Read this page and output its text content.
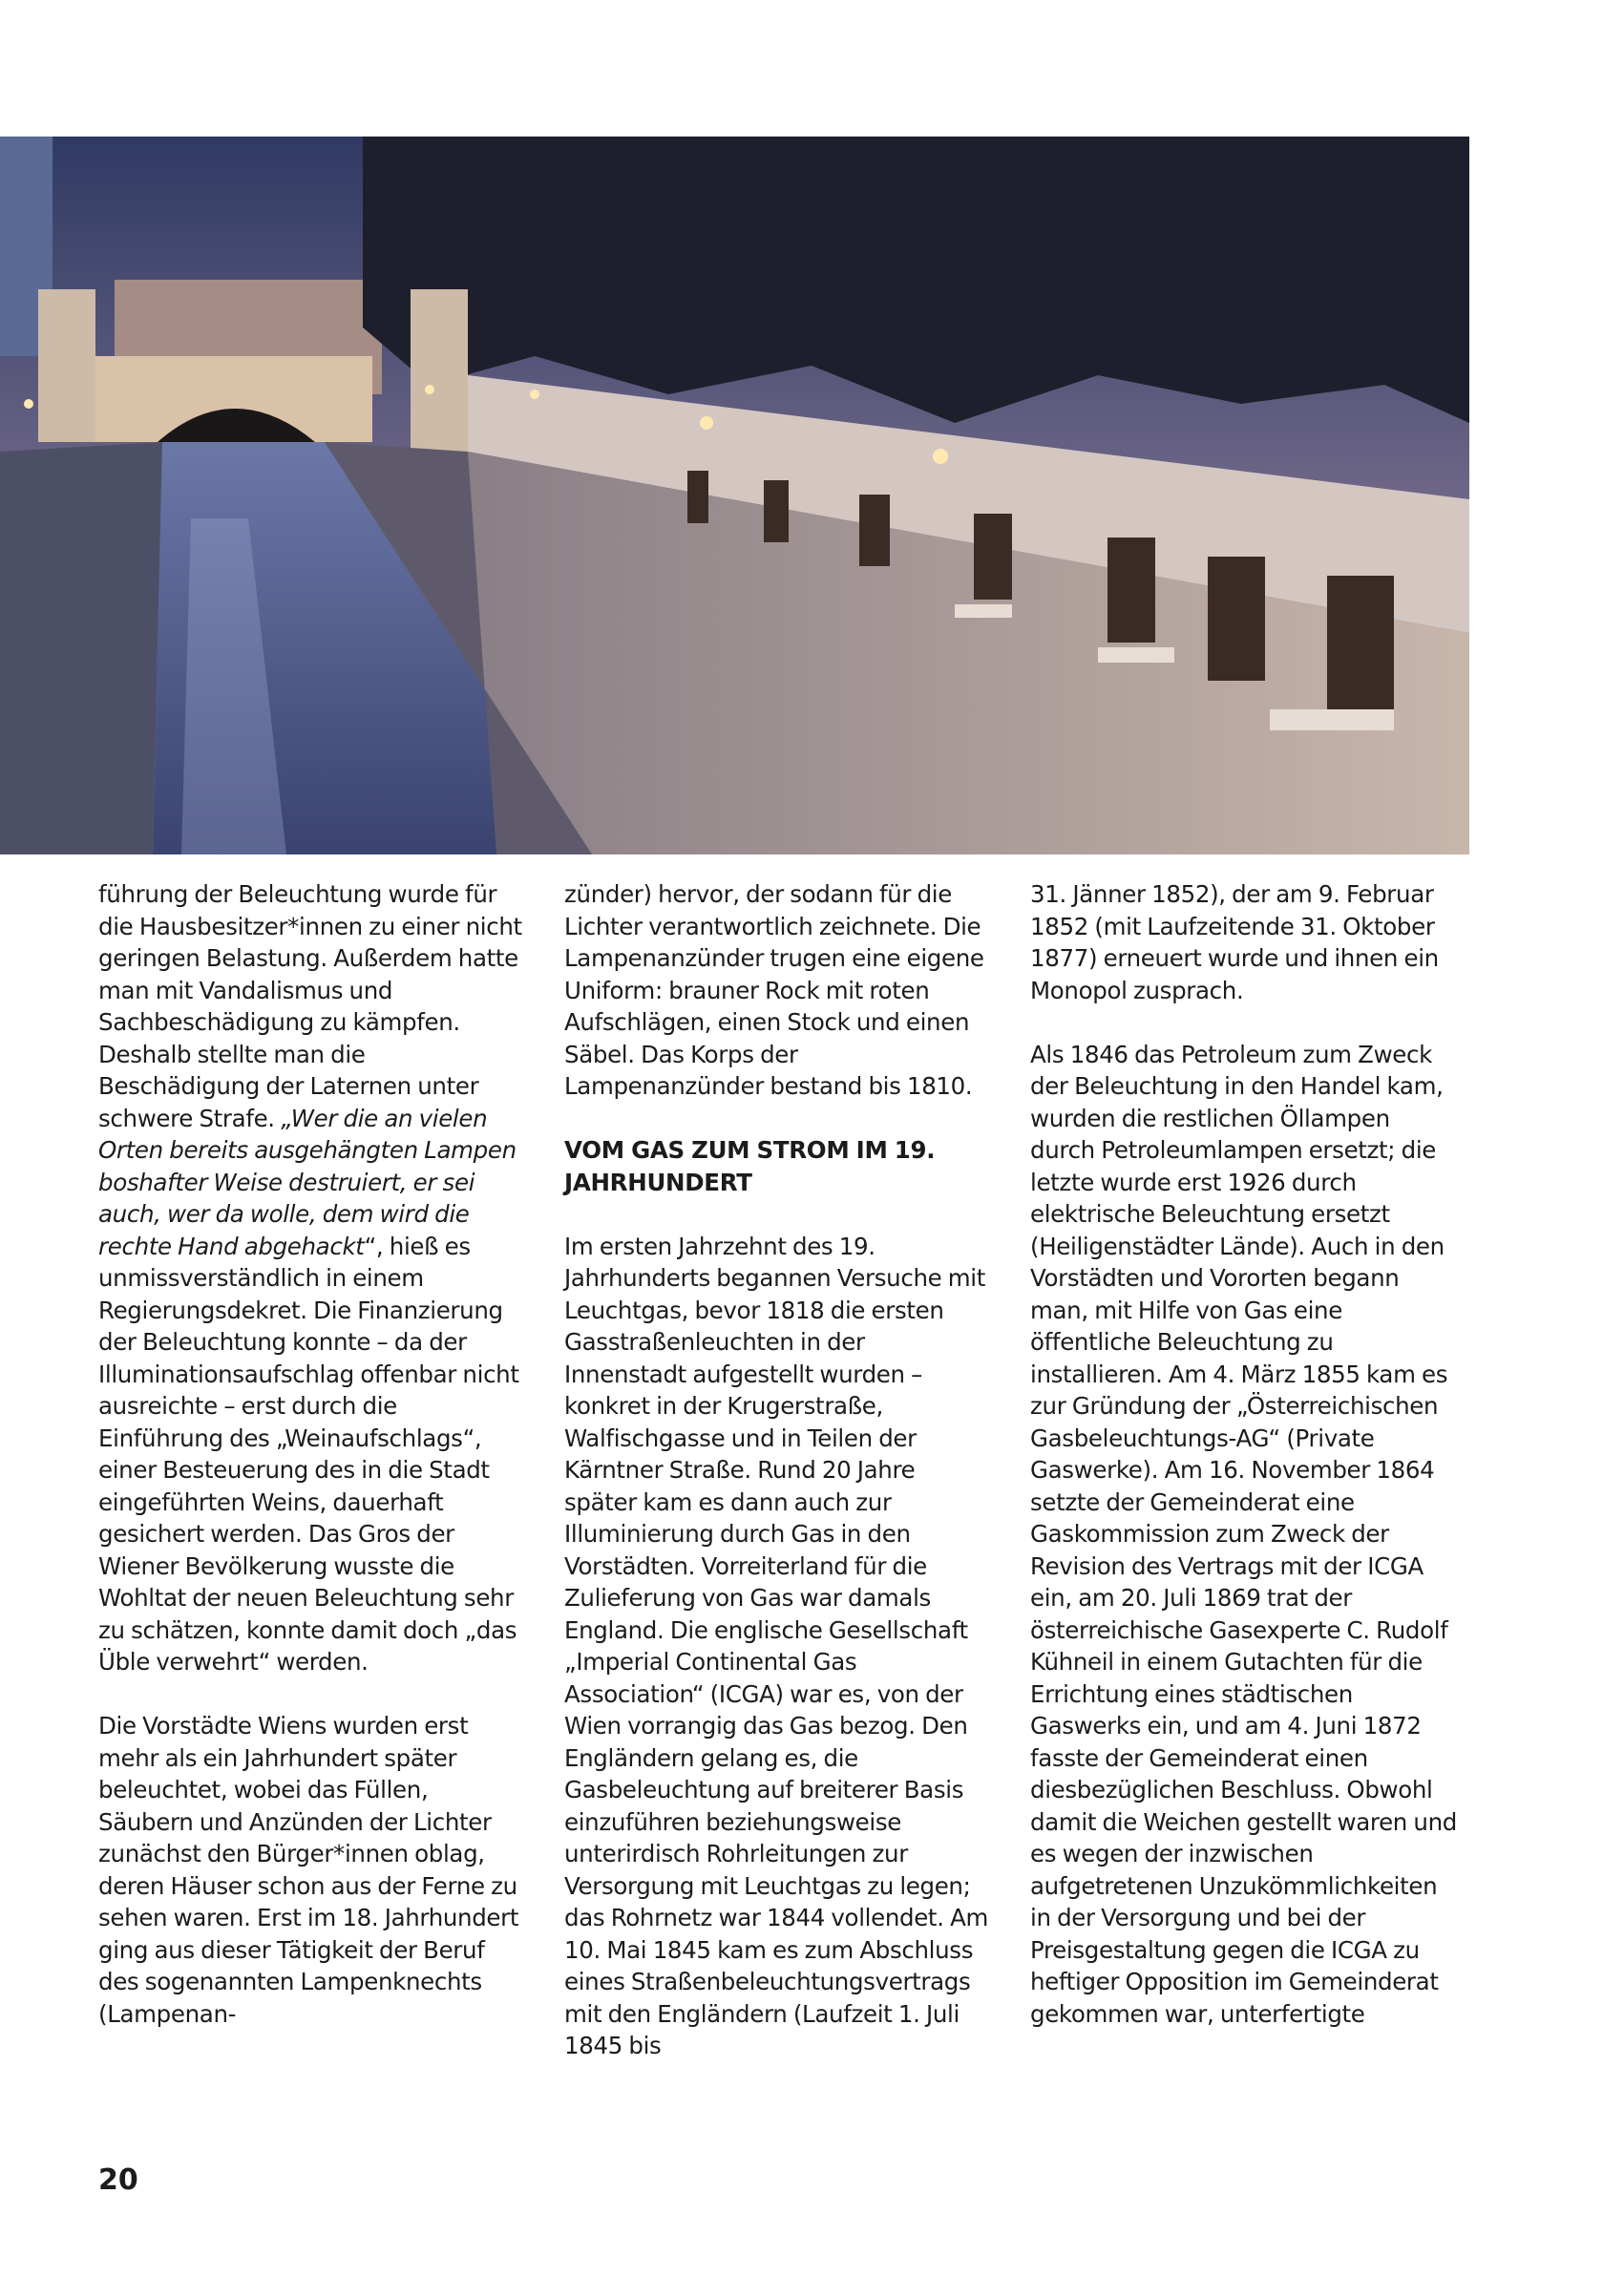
© Stadt Wien – Wien leuchtet

führung der Beleuchtung wurde für die Hausbesitzer*innen zu einer nicht geringen Belastung. Außerdem hatte man mit Vandalismus und Sachbeschädigung zu kämpfen. Deshalb stellte man die Beschädigung der Laternen unter schwere Strafe. „Wer die an vielen Orten bereits ausgehängten Lampen boshafter Weise destruiert, er sei auch, wer da wolle, dem wird die rechte Hand abgehackt“, hieß es unmissverständlich in einem Regierungsdekret. Die Finanzierung der Beleuchtung konnte – da der Illuminationsaufschlag offenbar nicht ausreichte – erst durch die Einführung des „Weinaufschlags“, einer Besteuerung des in die Stadt eingeführten Weins, dauerhaft gesichert werden. Das Gros der Wiener Bevölkerung wusste die Wohltat der neuen Beleuchtung sehr zu schätzen, konnte damit doch „das Üble verwehrt“ werden.

Die Vorstädte Wiens wurden erst mehr als ein Jahrhundert später beleuchtet, wobei das Füllen, Säubern und Anzünden der Lichter zunächst den Bürger*innen oblag, deren Häuser schon aus der Ferne zu sehen waren. Erst im 18. Jahrhundert ging aus dieser Tätigkeit der Beruf des sogenannten Lampenknechts (Lampenan-

zünder) hervor, der sodann für die Lichter verantwortlich zeichnete. Die Lampenanzünder trugen eine eigene Uniform: brauner Rock mit roten Aufschlägen, einen Stock und einen Säbel. Das Korps der Lampenanzünder bestand bis 1810.

VOM GAS ZUM STROM IM 19. JAHRHUNDERT

Im ersten Jahrzehnt des 19. Jahrhunderts begannen Versuche mit Leuchtgas, bevor 1818 die ersten Gasstraßenleuchten in der Innenstadt aufgestellt wurden – konkret in der Krugerstraße, Walfischgasse und in Teilen der Kärntner Straße. Rund 20 Jahre später kam es dann auch zur Illuminierung durch Gas in den Vorstädten. Vorreiterland für die Zulieferung von Gas war damals England. Die englische Gesellschaft „Imperial Continental Gas Association“ (ICGA) war es, von der Wien vorrangig das Gas bezog. Den Engländern gelang es, die Gasbeleuchtung auf breiterer Basis einzuführen beziehungsweise unterirdisch Rohrleitungen zur Versorgung mit Leuchtgas zu legen; das Rohrnetz war 1844 vollendet. Am 10. Mai 1845 kam es zum Abschluss eines Straßenbeleuchtungsvertrags mit den Engländern (Laufzeit 1. Juli 1845 bis

31. Jänner 1852), der am 9. Februar 1852 (mit Laufzeitende 31. Oktober 1877) erneuert wurde und ihnen ein Monopol zusprach.

Als 1846 das Petroleum zum Zweck der Beleuchtung in den Handel kam, wurden die restlichen Öllampen durch Petroleumlampen ersetzt; die letzte wurde erst 1926 durch elektrische Beleuchtung ersetzt (Heiligenstädter Lände). Auch in den Vorstädten und Vororten begann man, mit Hilfe von Gas eine öffentliche Beleuchtung zu installieren. Am 4. März 1855 kam es zur Gründung der „Österreichischen Gasbeleuchtungs-AG“ (Private Gaswerke). Am 16. November 1864 setzte der Gemeinderat eine Gaskommission zum Zweck der Revision des Vertrags mit der ICGA ein, am 20. Juli 1869 trat der österreichische Gasexperte C. Rudolf Kühneil in einem Gutachten für die Errichtung eines städtischen Gaswerks ein, und am 4. Juni 1872 fasste der Gemeinderat einen diesbezüglichen Beschluss. Obwohl damit die Weichen gestellt waren und es wegen der inzwischen aufgetretenen Unzukömmlichkeiten in der Versorgung und bei der Preisgestaltung gegen die ICGA zu heftiger Opposition im Gemeinderat gekommen war, unterfertigte

20
